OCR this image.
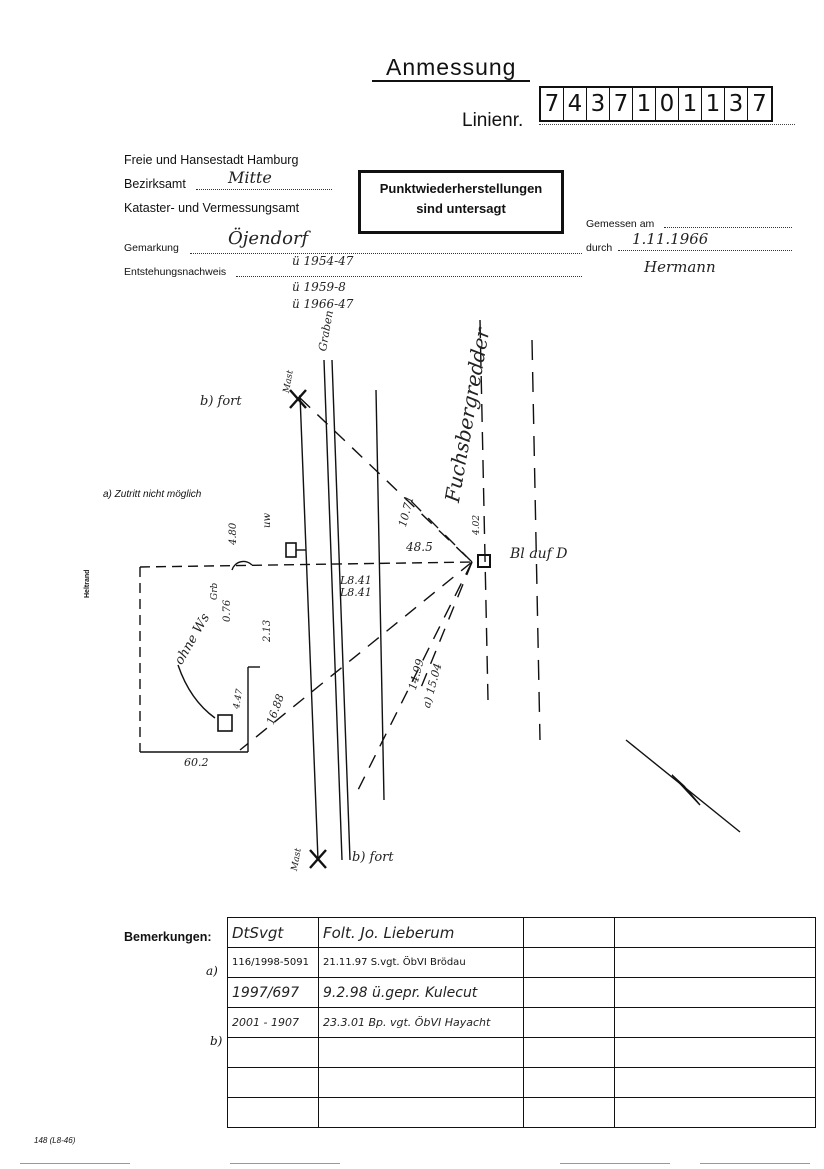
Anmessung
Linienr.
7 4 3 7 1 0 1 1 3 7
Freie und Hansestadt Hamburg
Bezirksamt	Mitte
Kataster- und Vermessungsamt
Gemarkung	Öjendorf
Entstehungsnachweis
ü 1954-47
ü 1959-8
ü 1966-47
Punktwiederherstellungen
sind untersagt
Gemessen am
durch 1.11.1966
Hermann
Graben
Mast
b) fort	Fuchsbergredder
a) Zutritt nicht möglich
Heltrand
Bl auf D
ohne Ws
Mast	b) fort
4.80
48.5
10.71	4.02
L8.41
L8.41
14.99
a) 15.04
2.13
0.76
Grb
16.88
4.47
60.2
uw
Bemerkungen:
a)
b)
DtSvgt	Folt. Jo. Lieberum		
116/1998-5091	21.11.97 S.vgt. ÖbVI Brödau		
1997/697	9.2.98 ü.gepr. Kulecut		
2001 - 1907	23.3.01 Bp. vgt. ÖbVI Hayacht		

148 (L8-46)
